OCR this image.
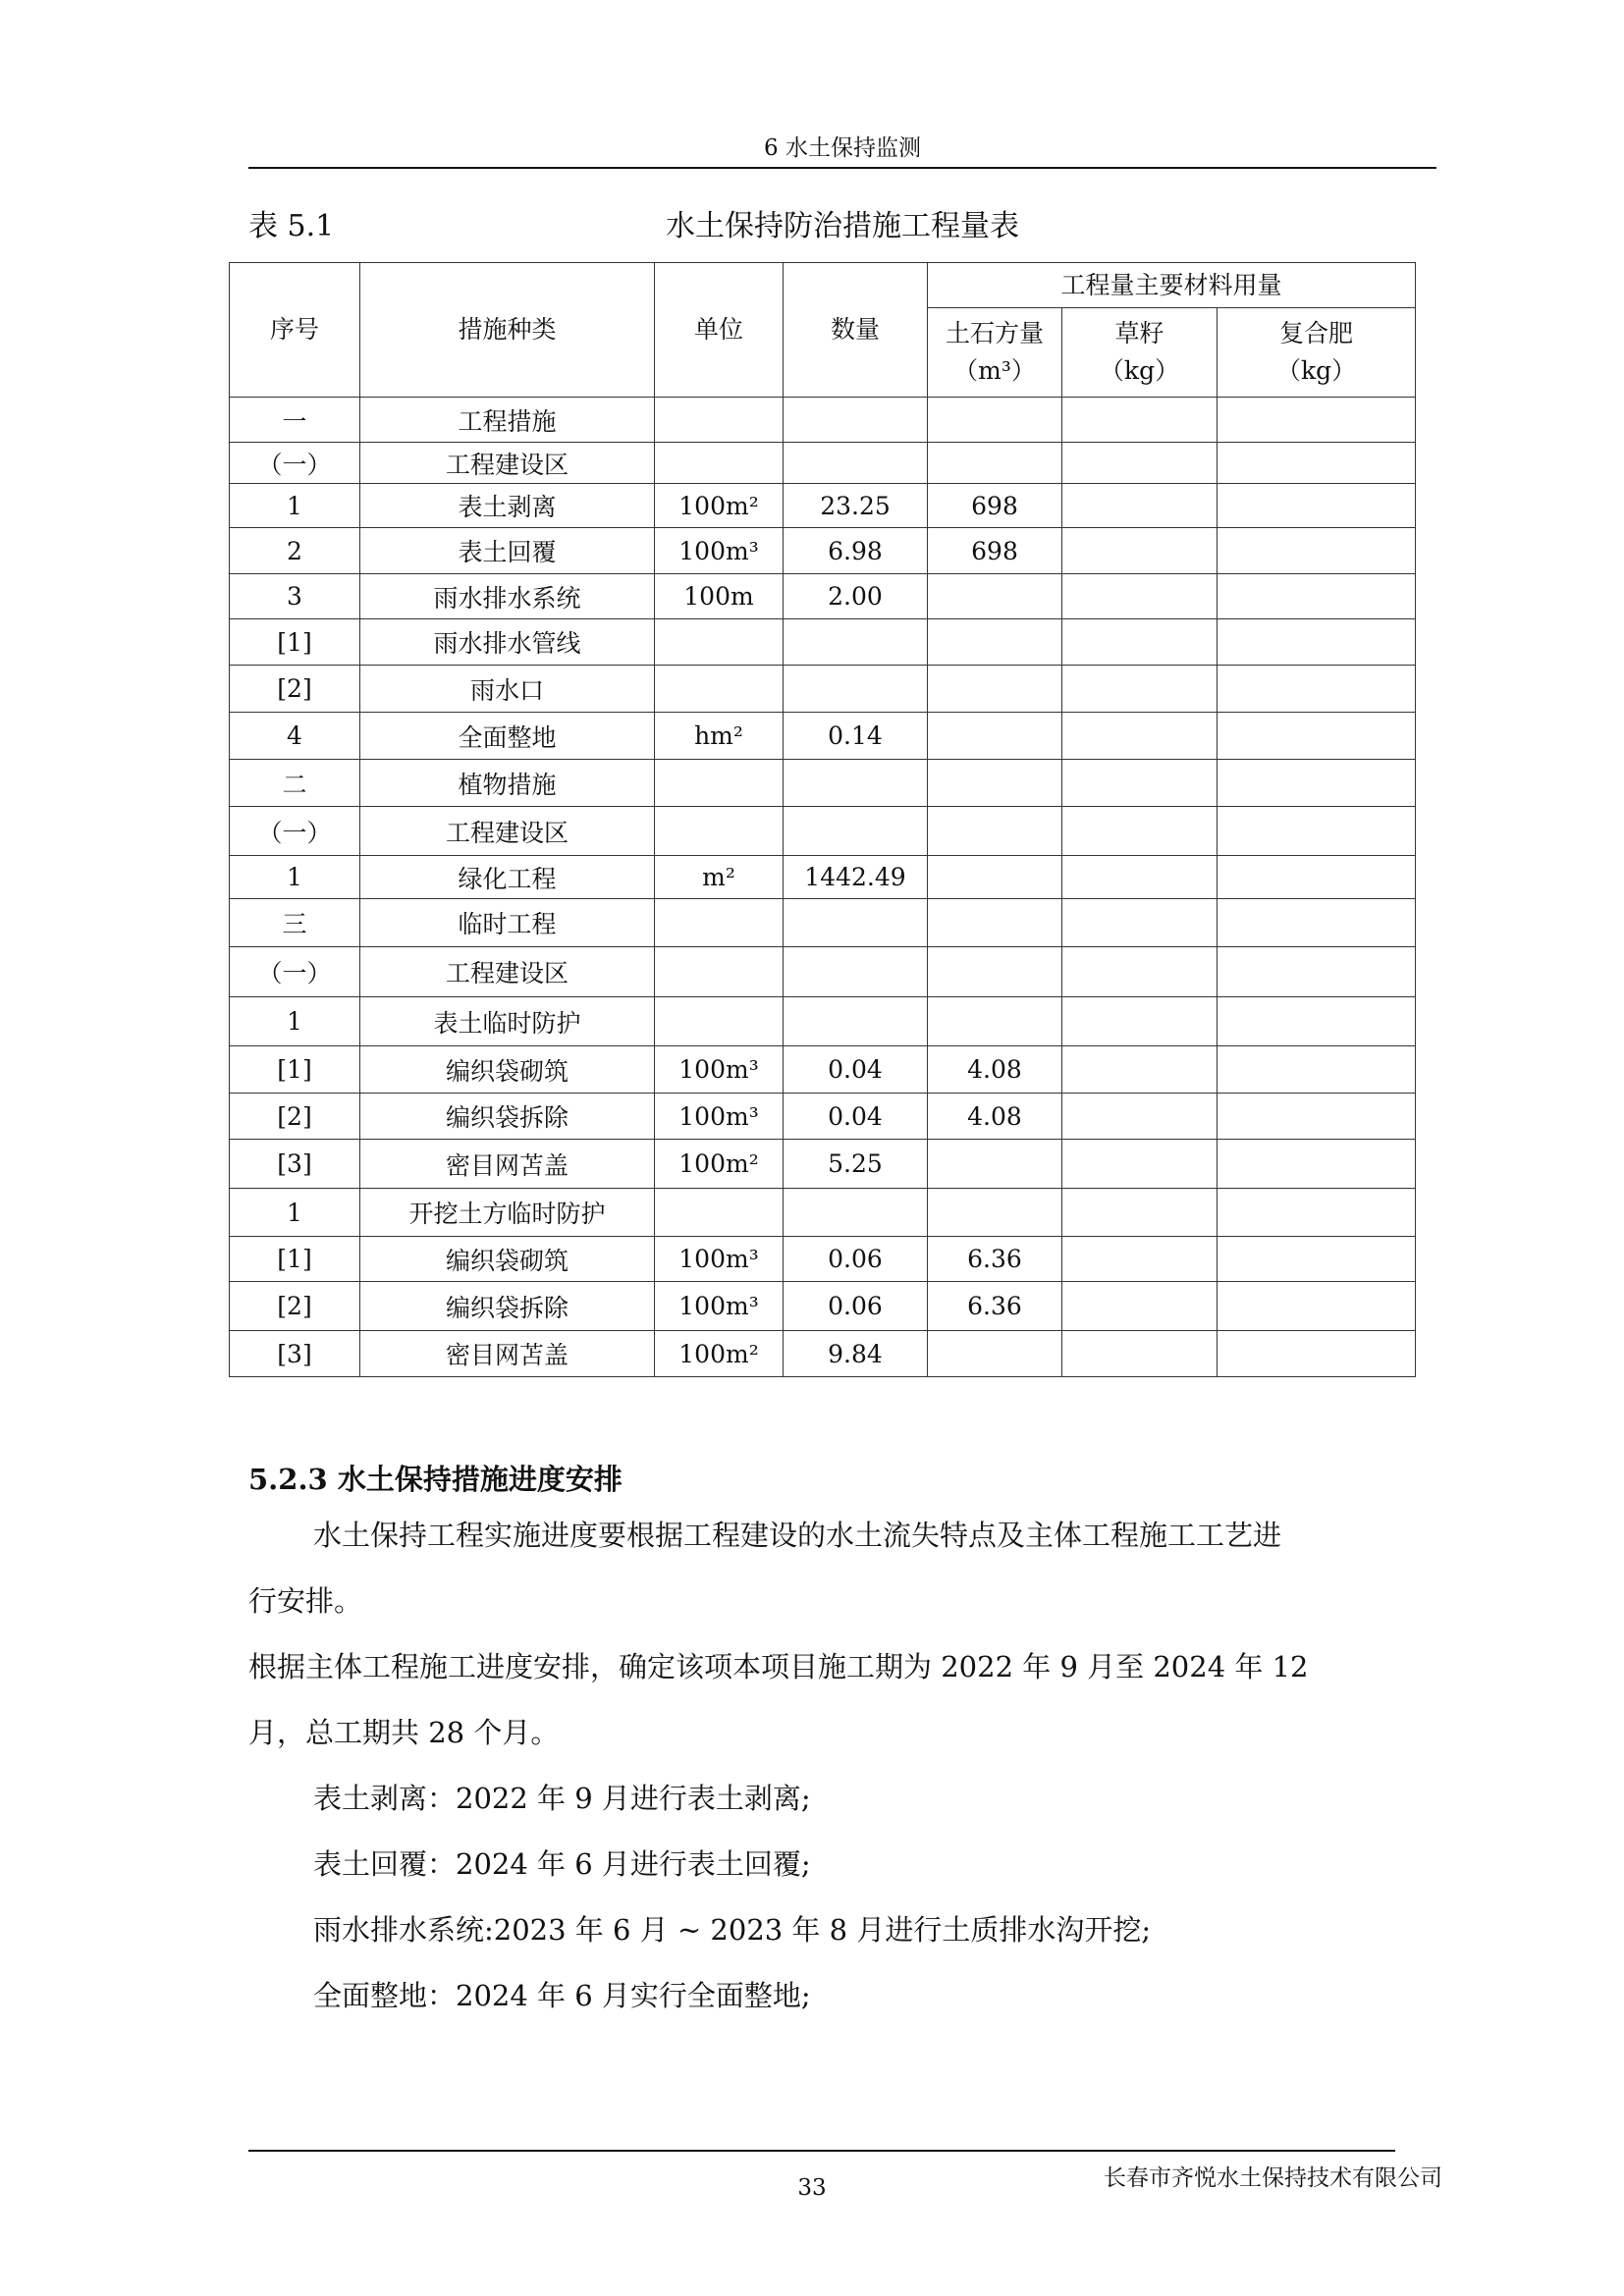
6 水土保持监测
表 5.1	水土保持防治措施工程量表
序号	措施种类	单位	数量	工程量主要材料用量		
				土石方量（m³）	草籽（kg）	复合肥（kg）
一	工程措施					
（一）	工程建设区					
1	表土剥离	100m²	23.25	698		
2	表土回覆	100m³	6.98	698		
3	雨水排水系统	100m	2.00			
[1]	雨水排水管线					
[2]	雨水口					
4	全面整地	hm²	0.14			
二	植物措施					
（一）	工程建设区					
1	绿化工程	m²	1442.49			
三	临时工程					
（一）	工程建设区					
1	表土临时防护					
[1]	编织袋砌筑	100m³	0.04	4.08		
[2]	编织袋拆除	100m³	0.04	4.08		
[3]	密目网苫盖	100m²	5.25			
1	开挖土方临时防护					
[1]	编织袋砌筑	100m³	0.06	6.36		
[2]	编织袋拆除	100m³	0.06	6.36		
[3]	密目网苫盖	100m²	9.84			
5.2.3 水土保持措施进度安排
水土保持工程实施进度要根据工程建设的水土流失特点及主体工程施工工艺进
行安排。
根据主体工程施工进度安排，确定该项本项目施工期为 2022 年 9 月至 2024 年 12
月，总工期共 28 个月。
表土剥离：2022 年 9 月进行表土剥离;
表土回覆：2024 年 6 月进行表土回覆;
雨水排水系统:2023 年 6 月 ~ 2023 年 8 月进行土质排水沟开挖;
全面整地：2024 年 6 月实行全面整地;
长春市齐悦水土保持技术有限公司
33
